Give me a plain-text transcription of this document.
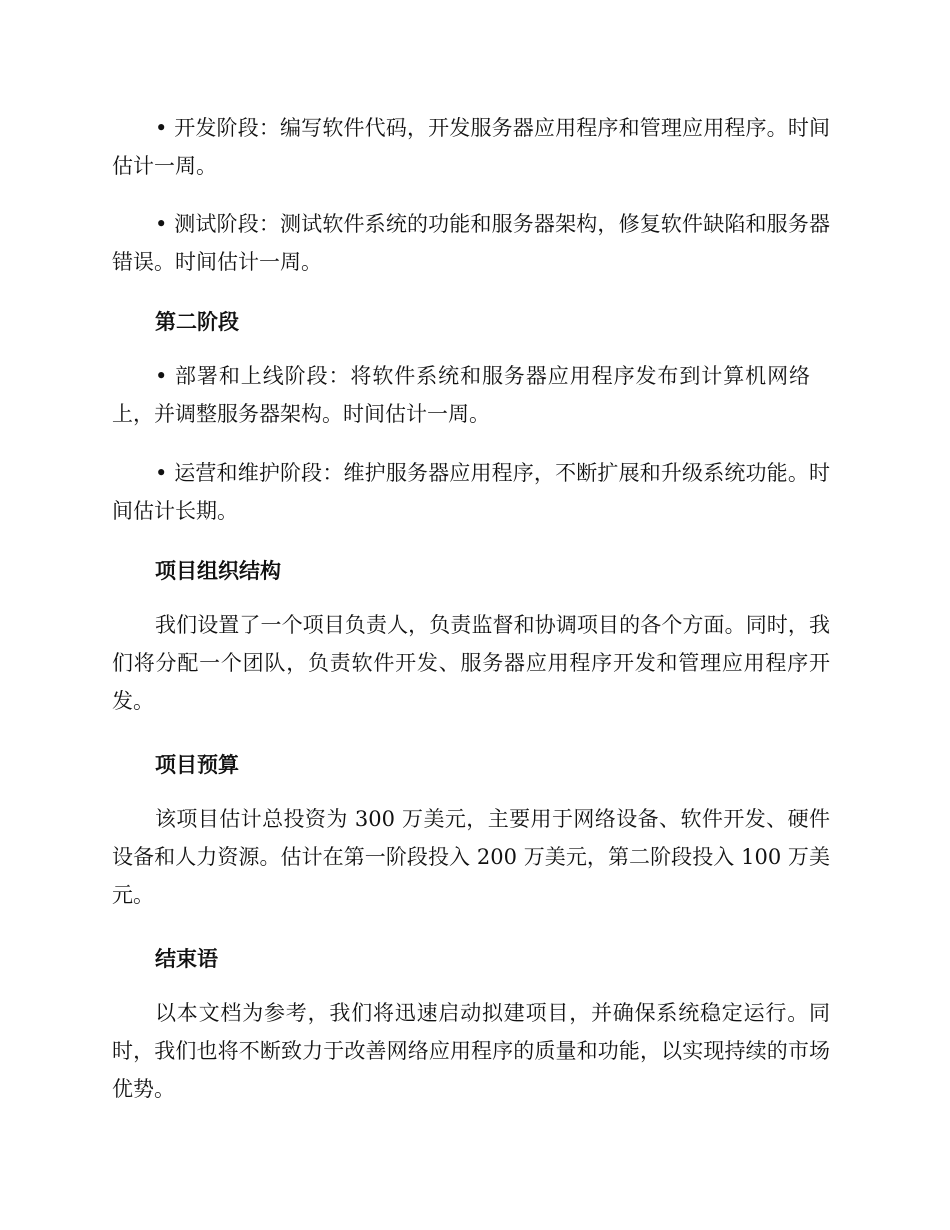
• 开发阶段：编写软件代码，开发服务器应用程序和管理应用程序。时间估计一周。

• 测试阶段：测试软件系统的功能和服务器架构，修复软件缺陷和服务器错误。时间估计一周。

第二阶段

• 部署和上线阶段：将软件系统和服务器应用程序发布到计算机网络上，并调整服务器架构。时间估计一周。

• 运营和维护阶段：维护服务器应用程序，不断扩展和升级系统功能。时间估计长期。

项目组织结构

我们设置了一个项目负责人，负责监督和协调项目的各个方面。同时，我们将分配一个团队，负责软件开发、服务器应用程序开发和管理应用程序开发。

项目预算

该项目估计总投资为 300 万美元，主要用于网络设备、软件开发、硬件设备和人力资源。估计在第一阶段投入 200 万美元，第二阶段投入 100 万美元。

结束语

以本文档为参考，我们将迅速启动拟建项目，并确保系统稳定运行。同时，我们也将不断致力于改善网络应用程序的质量和功能，以实现持续的市场优势。
